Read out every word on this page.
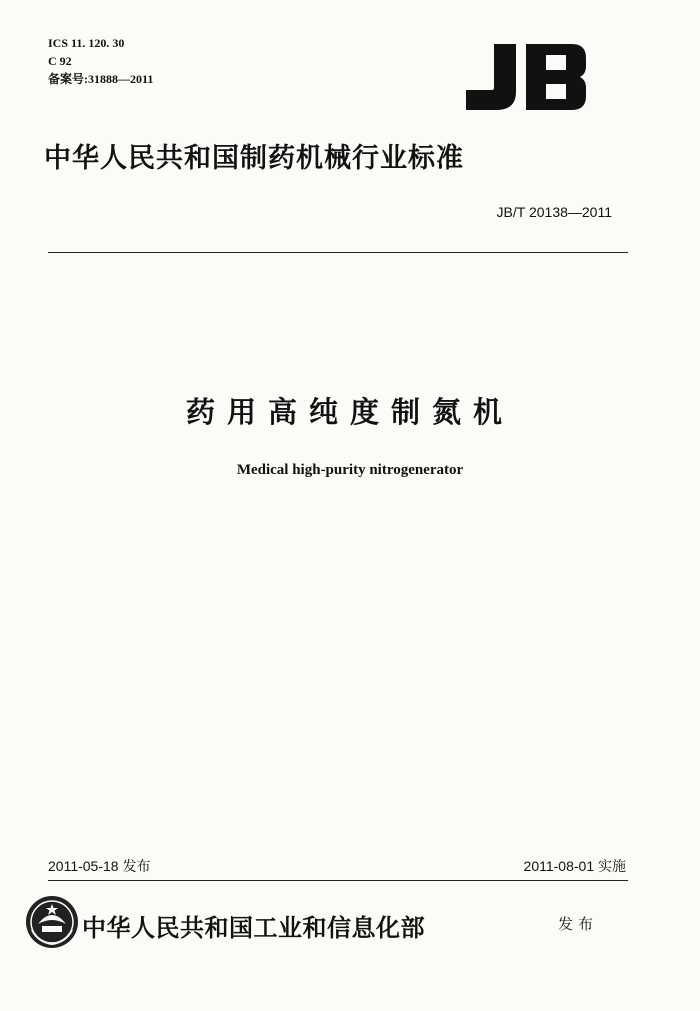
ICS 11. 120. 30
C 92
备案号:31888—2011
中华人民共和国制药机械行业标准
JB/T 20138—2011
药用高纯度制氮机
Medical high-purity nitrogenerator
2011-05-18 发布	2011-08-01 实施
中华人民共和国工业和信息化部	发布
